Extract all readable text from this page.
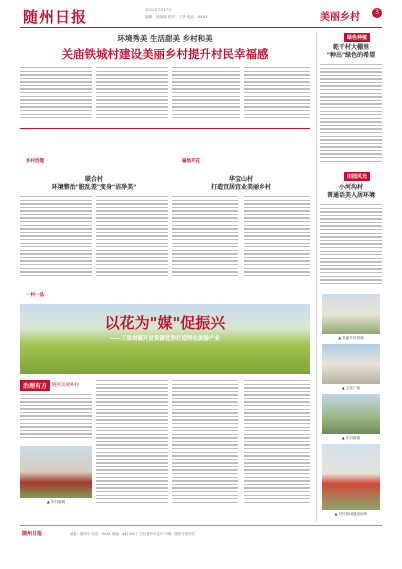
随州日报	2021年7月17日
编辑：吴晓丽 校对：王华 电话：XXXX	美丽乡村	3
环境秀美 生活甜美 乡村和美
关庙铁城村建设美丽乡村提升村民幸福感
绿色种植
乾干村大棚里
"种出"绿色的希望
田园风光
小河沟村
普通话美人居环境
▲ 美丽乡村风貌
▲ 文化广场
▲ 乡村新貌
▲ 村民休闲健身场所
乡村治理
联合村
环境整治"脏乱差"变身"洁净美"
遍地开花
华宝山村
打造宜居宜业美丽乡村
一村一品
以花为"媒"促振兴
——三里岗镇开发资源优势打造特色旅游产业
治理有方	随州美丽乡村
▲ 乡村新貌
随州日报	地址：随州市 电话：XXXX 邮编：441300 广告经营许可证号 印刷：随州日报印务
